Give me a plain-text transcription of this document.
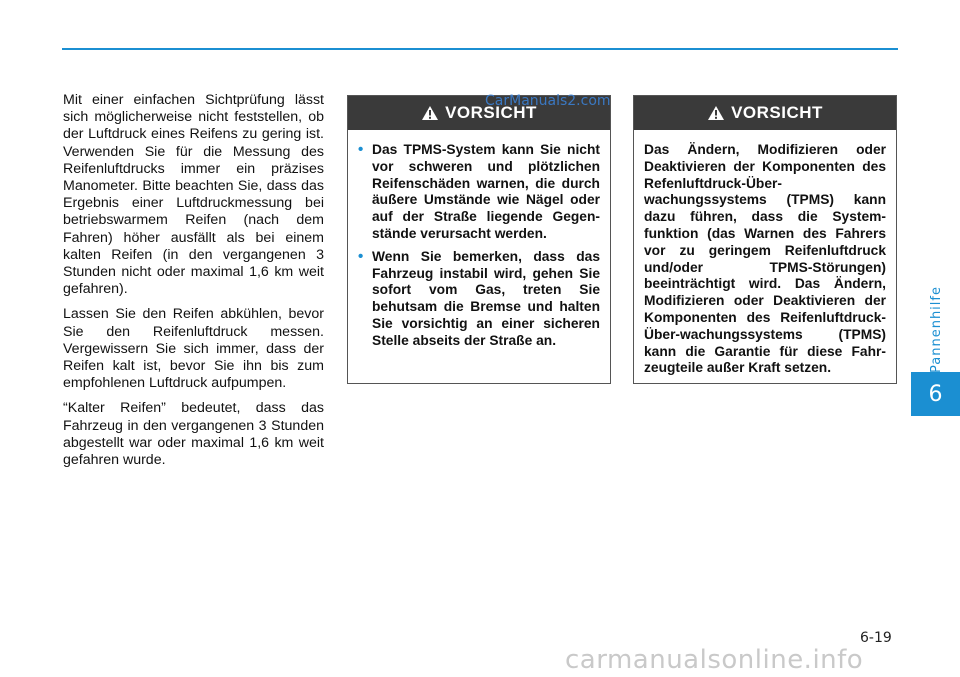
Pannenhilfe
6

Mit einer einfachen Sichtprüfung lässt sich möglicherweise nicht feststellen, ob der Luftdruck eines Reifens zu gering ist. Verwenden Sie für die Messung des Reifenluftdrucks immer ein präzises Manometer. Bitte beachten Sie, dass das Ergebnis einer Luftdruckmessung bei betriebswarmem Reifen (nach dem Fahren) höher ausfällt als bei einem kalten Reifen (in den vergangenen 3 Stunden nicht oder maximal 1,6 km weit gefahren).

Lassen Sie den Reifen abkühlen, bevor Sie den Reifenluftdruck messen. Vergewissern Sie sich immer, dass der Reifen kalt ist, bevor Sie ihn bis zum empfohlenen Luftdruck aufpumpen.

“Kalter Reifen” bedeutet, dass das Fahrzeug in den vergangenen 3 Stunden abgestellt war oder maximal 1,6 km weit gefahren wurde.

VORSICHT
• Das TPMS-System kann Sie nicht vor schweren und plötzlichen Reifenschäden warnen, die durch äußere Umstände wie Nägel oder auf der Straße liegende Gegen-stände verursacht werden.
• Wenn Sie bemerken, dass das Fahrzeug instabil wird, gehen Sie sofort vom Gas, treten Sie behutsam die Bremse und halten Sie vorsichtig an einer sicheren Stelle abseits der Straße an.
VORSICHT

Das Ändern, Modifizieren oder Deaktivieren der Komponenten des Refenluftdruck-Über-wachungssystems (TPMS) kann dazu führen, dass die System-funktion (das Warnen des Fahrers vor zu geringem Reifenluftdruck und/oder TPMS-Störungen) beeinträchtigt wird. Das Ändern, Modifizieren oder Deaktivieren der Komponenten des Reifenluftdruck-Über-wachungssystems (TPMS) kann die Garantie für diese Fahr-zeugteile außer Kraft setzen.

CarManuals2.com
6-19
carmanualsonline.info
